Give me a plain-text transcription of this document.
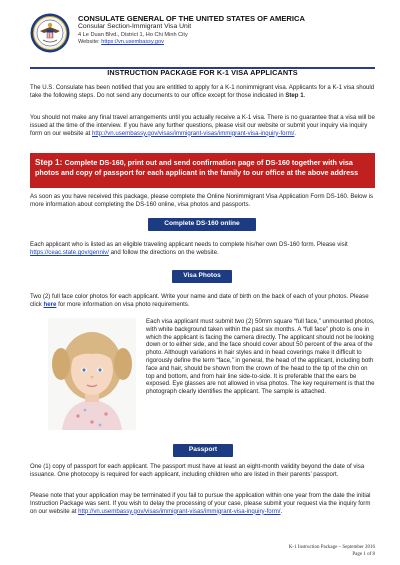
CONSULATE GENERAL OF THE UNITED STATES OF AMERICA
Consular Section-Immigrant Visa Unit
4 Le Duan Blvd., District 1, Ho Chi Minh City
Website: https://vn.usembassy.gov
INSTRUCTION PACKAGE FOR K-1 VISA APPLICANTS
The U.S. Consulate has been notified that you are entitled to apply for a K-1 nonimmigrant visa. Applicants for a K-1 visa should take the following steps. Do not send any documents to our office except for those indicated in Step 1.
You should not make any final travel arrangements until you actually receive a K-1 visa. There is no guarantee that a visa will be issued at the time of the interview. If you have any further questions, please visit our website or submit your inquiry via inquiry form on our website at http://vn.usembassy.gov/visas/immigrant-visas/immigrant-visa-inquiry-form/.
Step 1: Complete DS-160, print out and send confirmation page of DS-160 together with visa photos and copy of passport for each applicant in the family to our office at the above address
As soon as you have received this package, please complete the Online Nonimmigrant Visa Application Form DS-160. Below is more information about completing the DS-160 online, visa photos and passports.
Complete DS-160 online
Each applicant who is listed as an eligible traveling applicant needs to complete his/her own DS-160 form. Please visit https://ceac.state.gov/genniv/ and follow the directions on the website.
Visa Photos
Two (2) full face color photos for each applicant. Write your name and date of birth on the back of each of your photos. Please click here for more information on visa photo requirements.
Each visa applicant must submit two (2) 50mm square “full face,” unmounted photos, with white background taken within the past six months. A “full face” photo is one in which the applicant is facing the camera directly. The applicant should not be looking down or to either side, and the face should cover about 50 percent of the area of the photo. Although variations in hair styles and in head coverings make it difficult to rigorously define the term “face,” in general, the head of the applicant, including both face and hair, should be shown from the crown of the head to the tip of the chin on top and bottom, and from hair line side-to-side. It is preferable that the ears be exposed. Eye glasses are not allowed in visa photos. The key requirement is that the photograph clearly identifies the applicant. The sample is attached.
Passport
One (1) copy of passport for each applicant. The passport must have at least an eight-month validity beyond the date of visa issuance. One photocopy is required for each applicant, including children who are listed in their parents’ passport.
Please note that your application may be terminated if you fail to pursue the application within one year from the date the initial Instruction Package was sent. If you wish to delay the processing of your case, please submit your request via the inquiry form on our website at http://vn.usembassy.gov/visas/immigrant-visas/immigrant-visa-inquiry-form/.
K-1 Instruction Package – September 2016
Page 1 of 8
